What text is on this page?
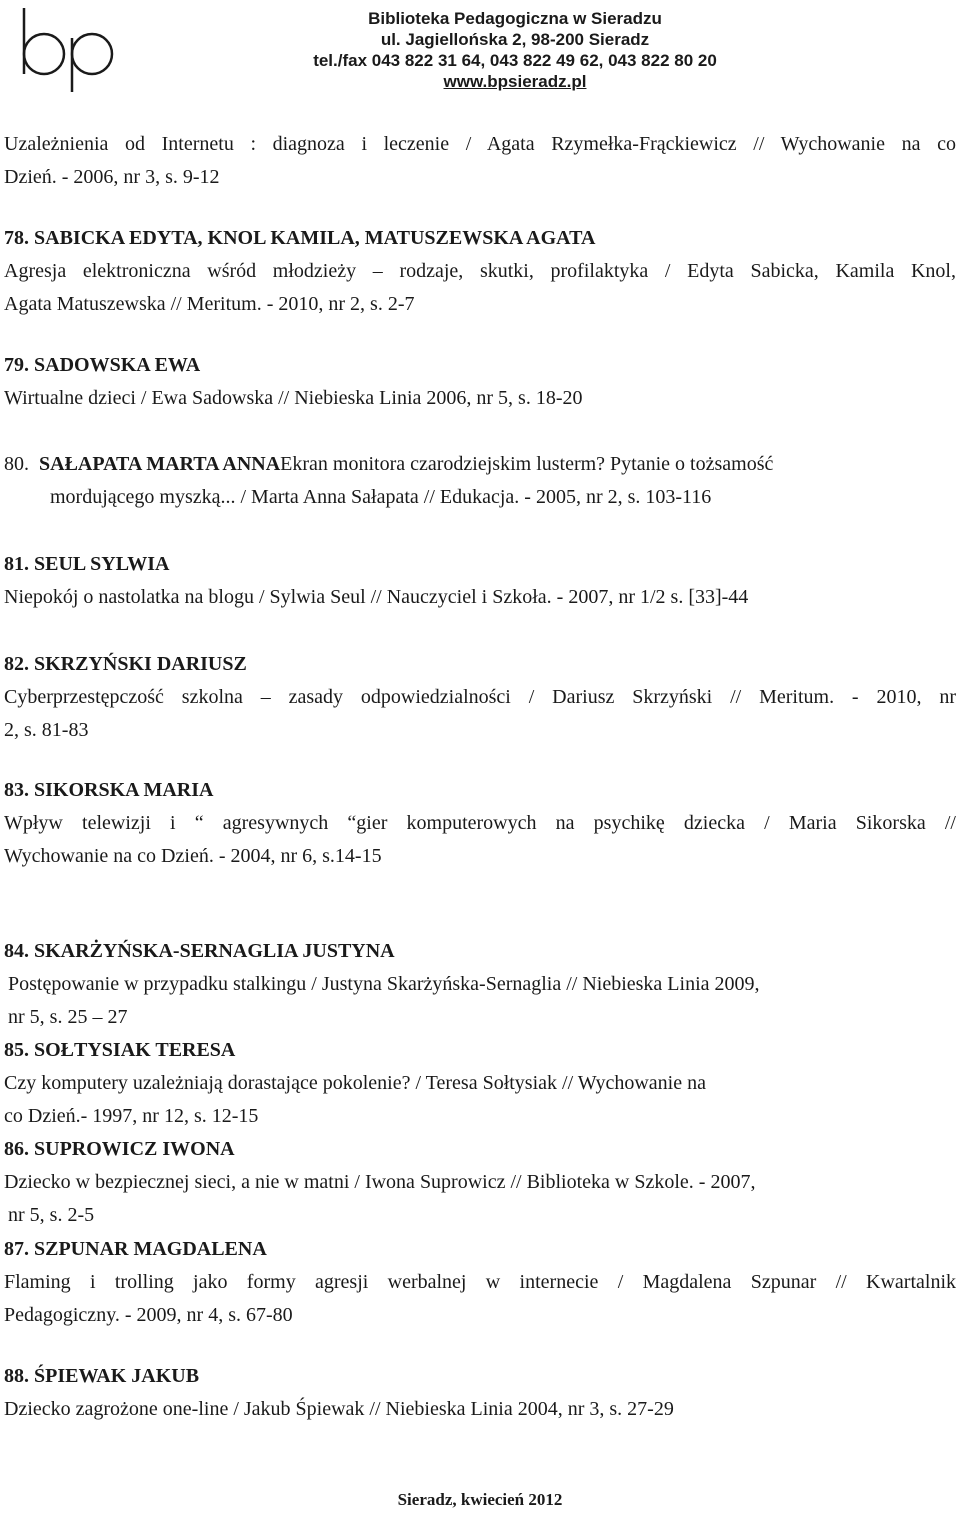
Biblioteka Pedagogiczna w Sieradzu
ul. Jagiellońska 2, 98-200 Sieradz
tel./fax 043 822 31 64, 043 822 49 62, 043 822 80 20
www.bpsieradz.pl
Uzależnienia od Internetu : diagnoza i leczenie / Agata Rzymełka-Frąckiewicz // Wychowanie na co
Dzień. - 2006, nr 3, s. 9-12
78. SABICKA EDYTA, KNOL KAMILA, MATUSZEWSKA AGATA
Agresja elektroniczna wśród młodzieży – rodzaje, skutki, profilaktyka / Edyta Sabicka, Kamila Knol,
Agata Matuszewska // Meritum. - 2010, nr 2, s. 2-7
79. SADOWSKA EWA
Wirtualne dzieci / Ewa Sadowska // Niebieska Linia 2006, nr 5, s. 18-20
80. SAŁAPATA MARTA ANNAEkran monitora czarodziejskim lusterm? Pytanie o tożsamość
mordującego myszką... / Marta Anna Sałapata // Edukacja. - 2005, nr 2, s. 103-116
81. SEUL SYLWIA
Niepokój o nastolatka na blogu / Sylwia Seul // Nauczyciel i Szkoła. - 2007, nr 1/2 s. [33]-44
82. SKRZYŃSKI DARIUSZ
Cyberprzestępczość szkolna – zasady odpowiedzialności / Dariusz Skrzyński // Meritum. - 2010, nr
2, s. 81-83
83. SIKORSKA MARIA
Wpływ telewizji i “ agresywnych “gier komputerowych na psychikę dziecka / Maria Sikorska //
Wychowanie na co Dzień. - 2004, nr 6, s.14-15
84. SKARŻYŃSKA-SERNAGLIA JUSTYNA
Postępowanie w przypadku stalkingu / Justyna Skarżyńska-Sernaglia // Niebieska Linia 2009,
nr 5, s. 25 – 27
85. SOŁTYSIAK TERESA
Czy komputery uzależniają dorastające pokolenie? / Teresa Sołtysiak // Wychowanie na
co Dzień.- 1997, nr 12, s. 12-15
86. SUPROWICZ IWONA
Dziecko w bezpiecznej sieci, a nie w matni / Iwona Suprowicz // Biblioteka w Szkole. - 2007,
nr 5, s. 2-5
87. SZPUNAR MAGDALENA
Flaming i trolling jako formy agresji werbalnej w internecie / Magdalena Szpunar // Kwartalnik
Pedagogiczny. - 2009, nr 4, s. 67-80
88. ŚPIEWAK JAKUB
Dziecko zagrożone one-line / Jakub Śpiewak // Niebieska Linia 2004, nr 3, s. 27-29
Sieradz, kwiecień 2012
